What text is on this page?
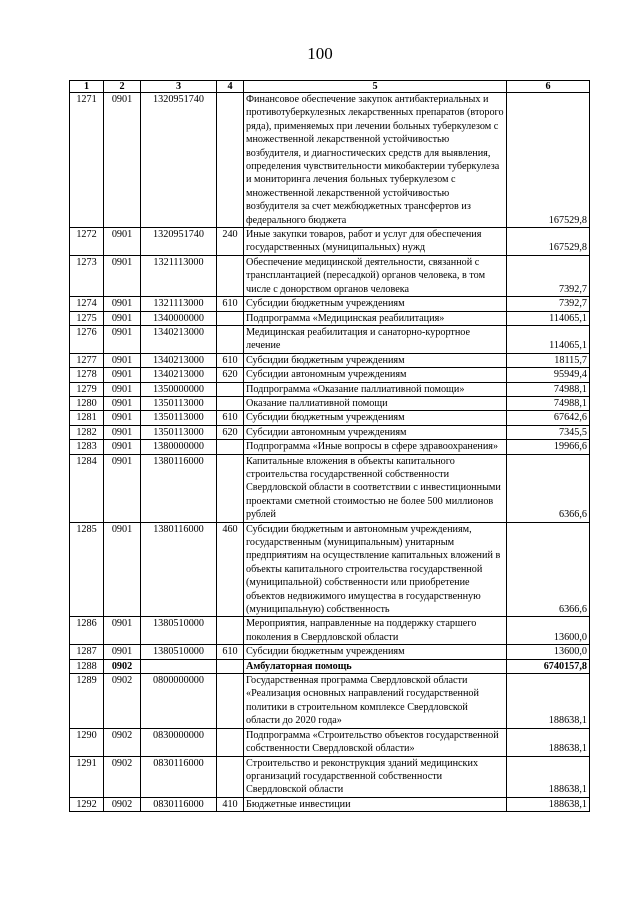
100
1	2	3	4	5	6
1271	0901	1320951740		Финансовое обеспечение закупок антибактериальных и противотуберкулезных лекарственных препаратов (второго ряда), применяемых при лечении больных туберкулезом с множественной лекарственной устойчивостью возбудителя, и диагностических средств для выявления, определения чувствительности микобактерии туберкулеза и мониторинга лечения больных туберкулезом с множественной лекарственной устойчивостью возбудителя за счет межбюджетных трансфертов из федерального бюджета	167529,8
1272	0901	1320951740	240	Иные закупки товаров, работ и услуг для обеспечения государственных (муниципальных) нужд	167529,8
1273	0901	1321113000		Обеспечение медицинской деятельности, связанной с трансплантацией (пересадкой) органов человека, в том числе с донорством органов человека	7392,7
1274	0901	1321113000	610	Субсидии бюджетным учреждениям	7392,7
1275	0901	1340000000		Подпрограмма «Медицинская реабилитация»	114065,1
1276	0901	1340213000		Медицинская реабилитация и санаторно-курортное лечение	114065,1
1277	0901	1340213000	610	Субсидии бюджетным учреждениям	18115,7
1278	0901	1340213000	620	Субсидии автономным учреждениям	95949,4
1279	0901	1350000000		Подпрограмма «Оказание паллиативной помощи»	74988,1
1280	0901	1350113000		Оказание паллиативной помощи	74988,1
1281	0901	1350113000	610	Субсидии бюджетным учреждениям	67642,6
1282	0901	1350113000	620	Субсидии автономным учреждениям	7345,5
1283	0901	1380000000		Подпрограмма «Иные вопросы в сфере здравоохранения»	19966,6
1284	0901	1380116000		Капитальные вложения в объекты капитального строительства государственной собственности Свердловской области в соответствии с инвестиционными проектами сметной стоимостью не более 500 миллионов рублей	6366,6
1285	0901	1380116000	460	Субсидии бюджетным и автономным учреждениям, государственным (муниципальным) унитарным предприятиям на осуществление капитальных вложений в объекты капитального строительства государственной (муниципальной) собственности или приобретение объектов недвижимого имущества в государственную (муниципальную) собственность	6366,6
1286	0901	1380510000		Мероприятия, направленные на поддержку старшего поколения в Свердловской области	13600,0
1287	0901	1380510000	610	Субсидии бюджетным учреждениям	13600,0
1288	0902			Амбулаторная помощь	6740157,8
1289	0902	0800000000		Государственная программа Свердловской области «Реализация основных направлений государственной политики в строительном комплексе Свердловской области до 2020 года»	188638,1
1290	0902	0830000000		Подпрограмма «Строительство объектов государственной собственности Свердловской области»	188638,1
1291	0902	0830116000		Строительство и реконструкция зданий медицинских организаций государственной собственности Свердловской области	188638,1
1292	0902	0830116000	410	Бюджетные инвестиции	188638,1
